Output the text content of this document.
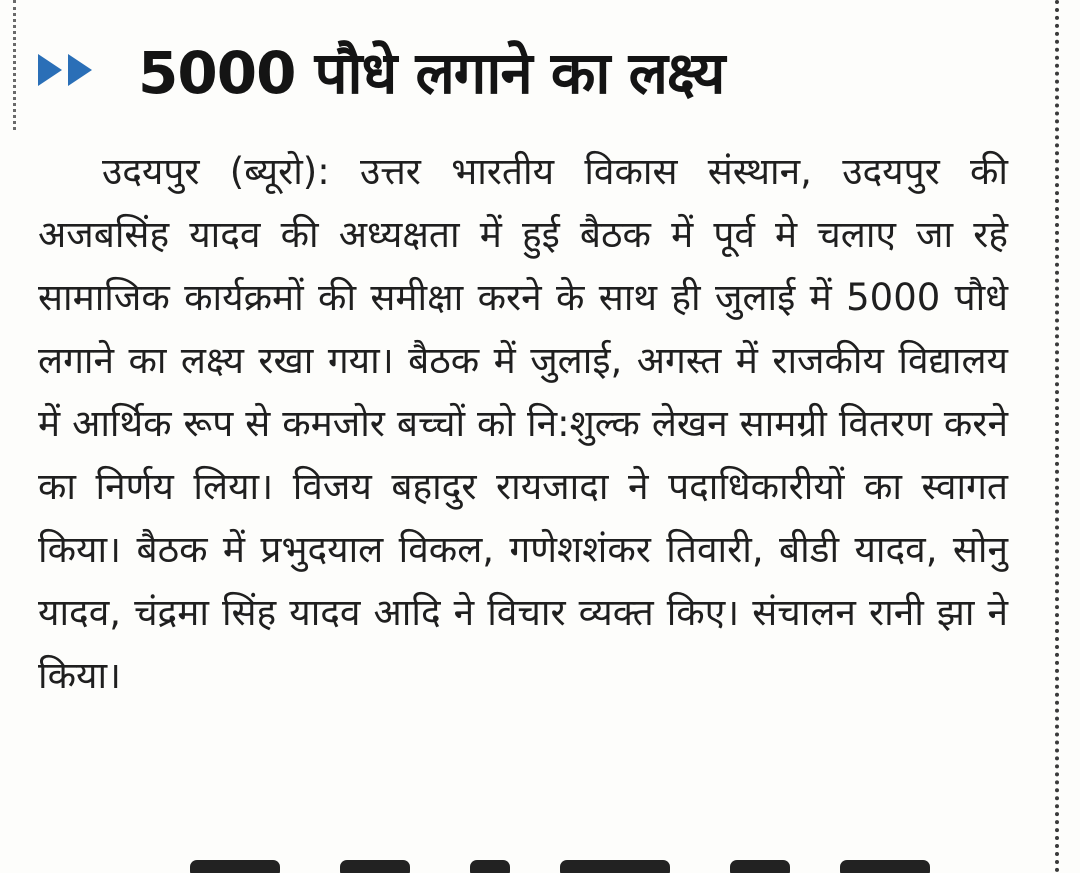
5000 पौधे लगाने का लक्ष्य

उदयपुर (ब्यूरो): उत्तर भारतीय विकास संस्थान, उदयपुर की अजबसिंह यादव की अध्यक्षता में हुई बैठक में पूर्व मे चलाए जा रहे सामाजिक कार्यक्रमों की समीक्षा करने के साथ ही जुलाई में 5000 पौधे लगाने का लक्ष्य रखा गया। बैठक में जुलाई, अगस्त में राजकीय विद्यालय में आर्थिक रूप से कमजोर बच्चों को नि:शुल्क लेखन सामग्री वितरण करने का निर्णय लिया। विजय बहादुर रायजादा ने पदाधिकारीयों का स्वागत किया। बैठक में प्रभुदयाल विकल, गणेशशंकर तिवारी, बीडी यादव, सोनु यादव, चंद्रमा सिंह यादव आदि ने विचार व्यक्त किए। संचालन रानी झा ने किया।
